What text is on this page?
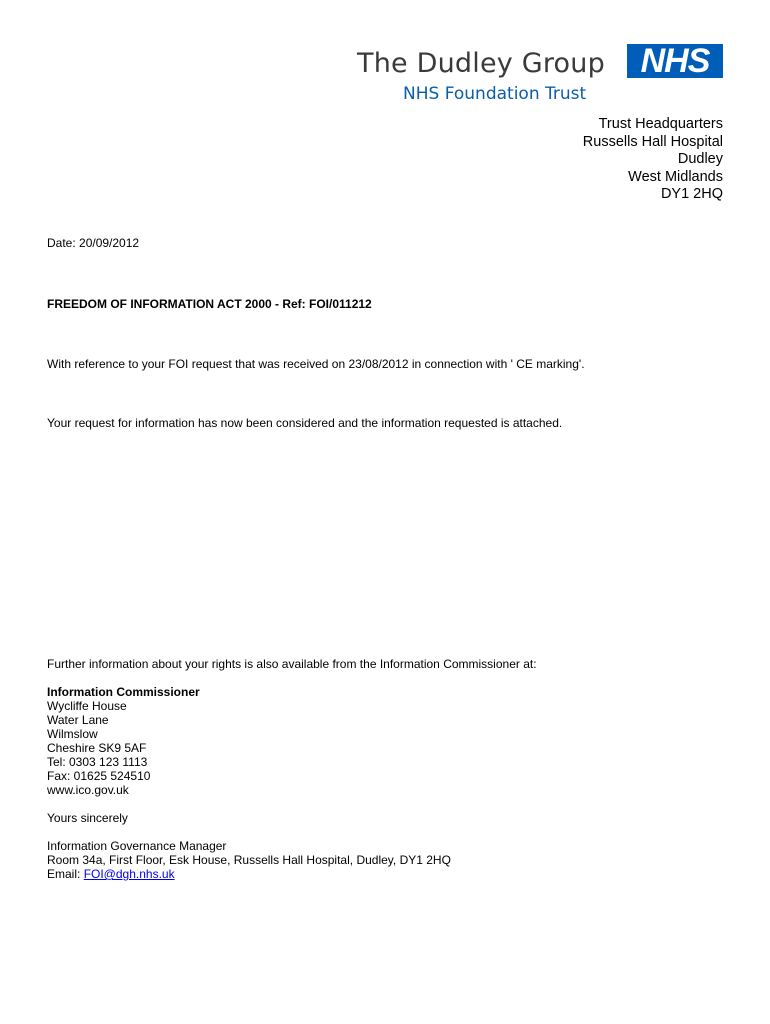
The Dudley Group	NHS
NHS Foundation Trust
Trust Headquarters
Russells Hall Hospital
Dudley
West Midlands
DY1 2HQ
Date: 20/09/2012
FREEDOM OF INFORMATION ACT 2000 - Ref: FOI/011212
With reference to your FOI request that was received on 23/08/2012 in connection with ' CE marking'.
Your request for information has now been considered and the information requested is attached.
Further information about your rights is also available from the Information Commissioner at:
Information Commissioner
Wycliffe House
Water Lane
Wilmslow
Cheshire SK9 5AF
Tel: 0303 123 1113
Fax: 01625 524510
www.ico.gov.uk
Yours sincerely
Information Governance Manager
Room 34a, First Floor, Esk House, Russells Hall Hospital, Dudley, DY1 2HQ
Email: FOI@dgh.nhs.uk
